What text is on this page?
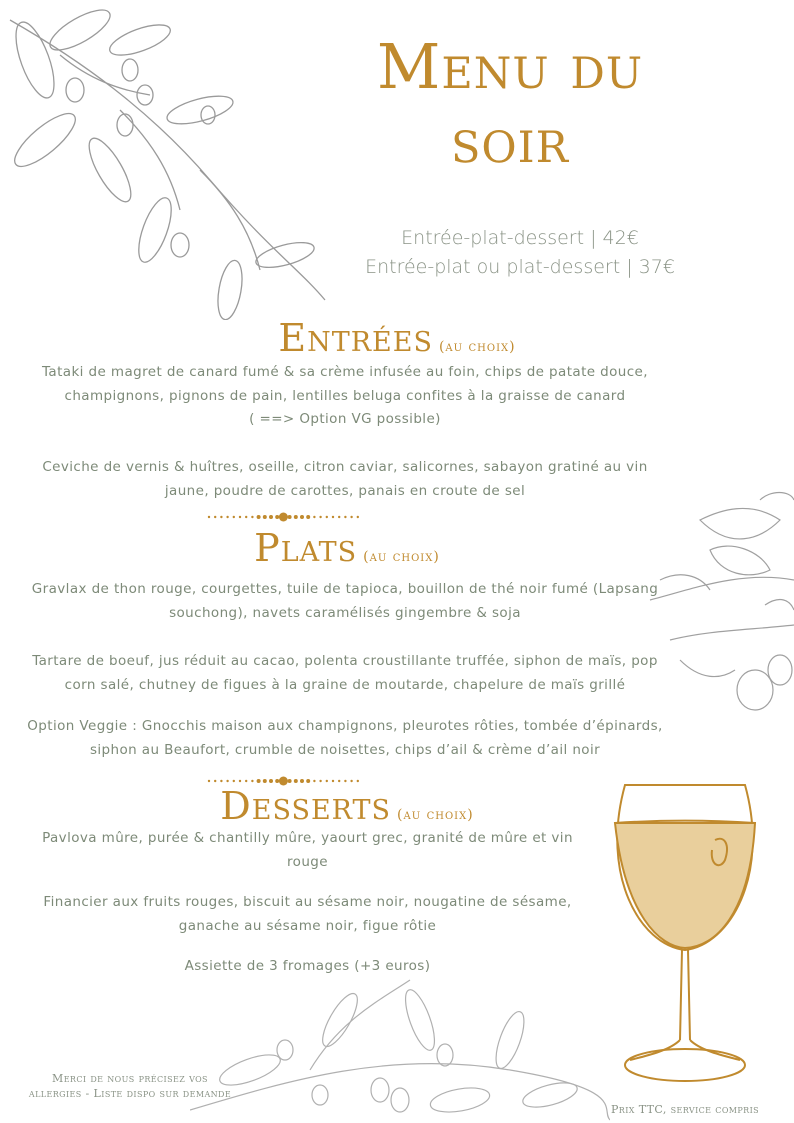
Menu du soir
Entrée-plat-dessert | 42€
Entrée-plat ou plat-dessert | 37€
Entrées (au choix)
Tataki de magret de canard fumé & sa crème infusée au foin, chips de patate douce, champignons, pignons de pain, lentilles beluga confites à la graisse de canard
( ==> Option VG possible)
Ceviche de vernis & huîtres, oseille, citron caviar, salicornes, sabayon gratiné au vin jaune, poudre de carottes, panais en croute de sel
Plats (au choix)
Gravlax de thon rouge, courgettes, tuile de tapioca, bouillon de thé noir fumé (Lapsang souchong), navets caramélisés gingembre & soja
Tartare de boeuf, jus réduit au cacao, polenta croustillante truffée, siphon de maïs, pop corn salé, chutney de figues à la graine de moutarde, chapelure de maïs grillé
Option Veggie : Gnocchis maison aux champignons, pleurotes rôties, tombée d’épinards, siphon au Beaufort, crumble de noisettes, chips d’ail & crème d’ail noir
Desserts (au choix)
Pavlova mûre, purée & chantilly mûre, yaourt grec, granité de mûre et vin rouge
Financier aux fruits rouges, biscuit au sésame noir, nougatine de sésame, ganache au sésame noir, figue rôtie
Assiette de 3 fromages (+3 euros)
Merci de nous précisez vos
allergies - Liste dispo sur demande
Prix TTC, service compris
